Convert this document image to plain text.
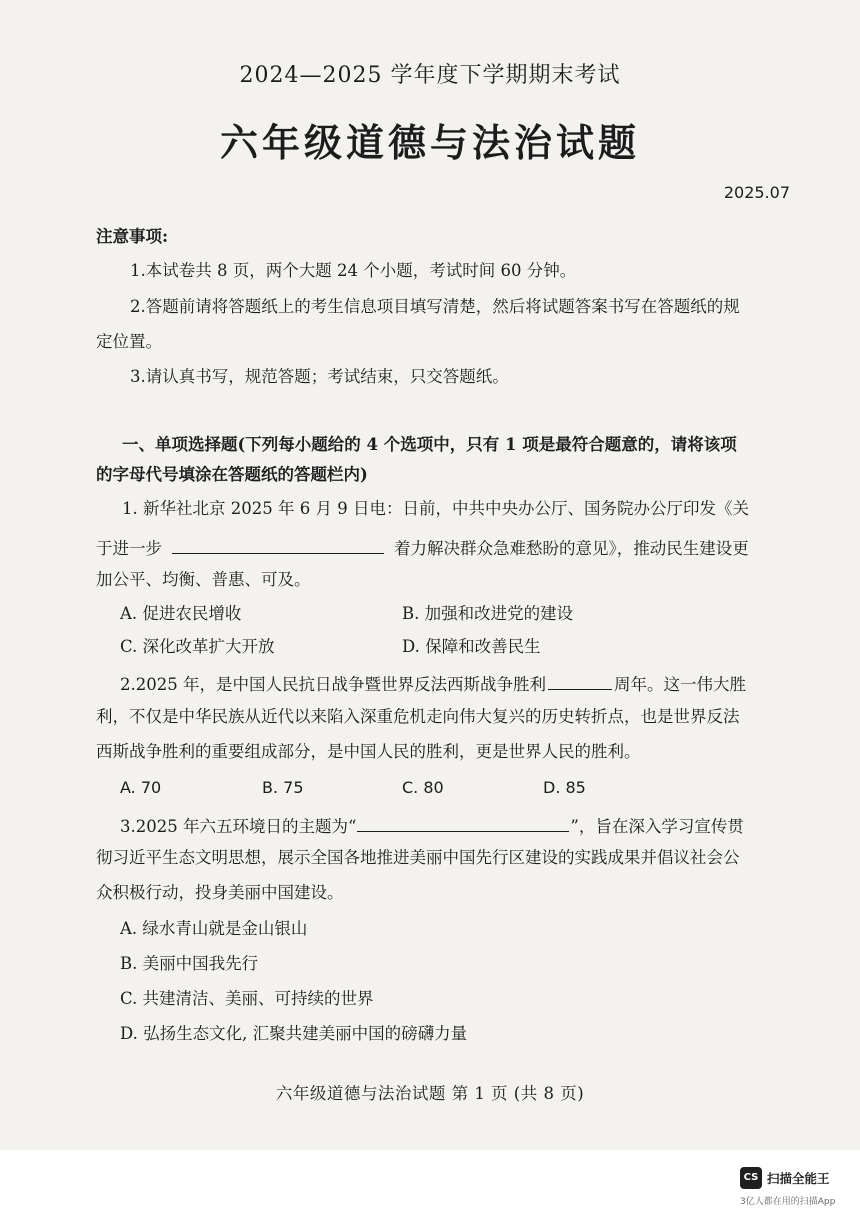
2024—2025 学年度下学期期末考试
六年级道德与法治试题
2025.07
注意事项:
1.本试卷共 8 页，两个大题 24 个小题，考试时间 60 分钟。
2.答题前请将答题纸上的考生信息项目填写清楚，然后将试题答案书写在答题纸的规
定位置。
3.请认真书写，规范答题；考试结束，只交答题纸。
一、单项选择题(下列每小题给的 4 个选项中，只有 1 项是最符合题意的，请将该项
的字母代号填涂在答题纸的答题栏内)
1. 新华社北京 2025 年 6 月 9 日电：日前，中共中央办公厅、国务院办公厅印发《关
于进一步	着力解决群众急难愁盼的意见》，推动民生建设更
加公平、均衡、普惠、可及。
A. 促进农民增收	B. 加强和改进党的建设
C. 深化改革扩大开放	D. 保障和改善民生
2.2025 年，是中国人民抗日战争暨世界反法西斯战争胜利	周年。这一伟大胜
利，不仅是中华民族从近代以来陷入深重危机走向伟大复兴的历史转折点，也是世界反法
西斯战争胜利的重要组成部分，是中国人民的胜利，更是世界人民的胜利。
A. 70	B. 75	C. 80	D. 85
3.2025 年六五环境日的主题为“	”，旨在深入学习宣传贯
彻习近平生态文明思想，展示全国各地推进美丽中国先行区建设的实践成果并倡议社会公
众积极行动，投身美丽中国建设。
A. 绿水青山就是金山银山
B. 美丽中国我先行
C. 共建清洁、美丽、可持续的世界
D. 弘扬生态文化, 汇聚共建美丽中国的磅礴力量
六年级道德与法治试题 第 1 页 (共 8 页)
CS 扫描全能王
3亿人都在用的扫描App
